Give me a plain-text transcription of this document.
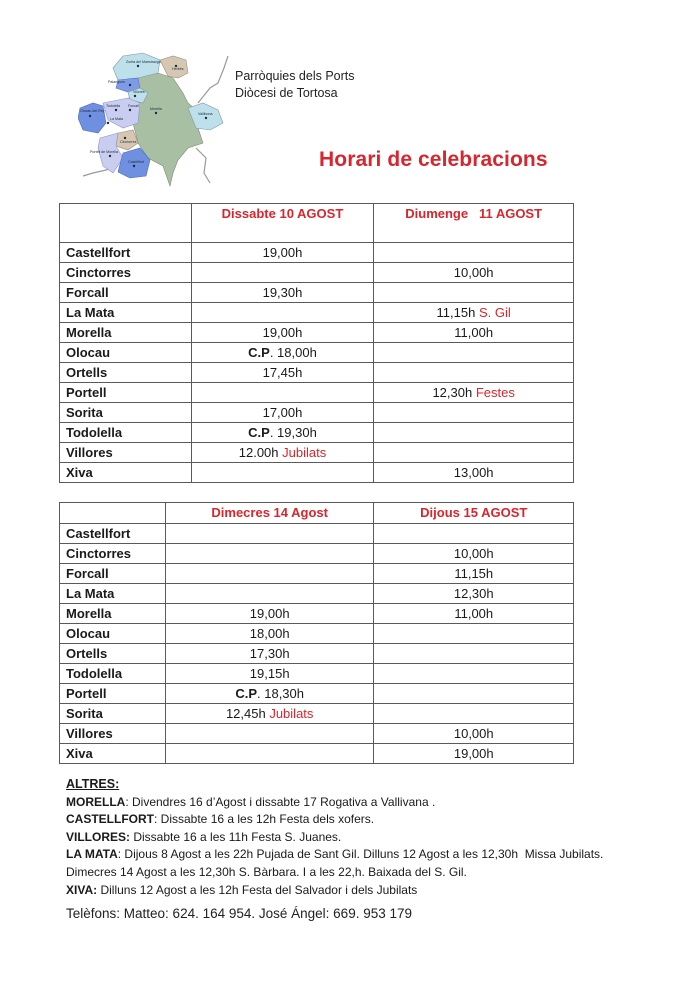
Zorita del Maestrazgo
Palanques
Villores
Olocau del Rey
Todolella Forcall
La Mata
Morella
Vallibona
Herbés
Cinctorres
Portell de Morella
Castellfort
Parròquies dels Ports
Diòcesi de Tortosa
Horari de celebracions
	Dissabte 10 AGOST	Diumenge   11 AGOST
Castellfort	19,00h	
Cinctorres		10,00h
Forcall	19,30h	
La Mata		11,15h S. Gil
Morella	19,00h	11,00h
Olocau	C.P. 18,00h	
Ortells	17,45h	
Portell		12,30h Festes
Sorita	17,00h	
Todolella	C.P. 19,30h	
Villores	12.00h Jubilats	
Xiva		13,00h
	Dimecres 14 Agost	Dijous 15 AGOST
Castellfort		
Cinctorres		10,00h
Forcall		11,15h
La Mata		12,30h
Morella	19,00h	11,00h
Olocau	18,00h	
Ortells	17,30h	
Todolella	19,15h	
Portell	C.P. 18,30h	
Sorita	12,45h Jubilats	
Villores		10,00h
Xiva		19,00h
ALTRES:
MORELLA: Divendres 16 d’Agost i dissabte 17 Rogativa a Vallivana .
CASTELLFORT: Dissabte 16 a les 12h Festa dels xofers.
VILLORES: Dissabte 16 a les 11h Festa S. Juanes.
LA MATA: Dijous 8 Agost a les 22h Pujada de Sant Gil. Dilluns 12 Agost a les 12,30h  Missa Jubilats.
Dimecres 14 Agost a les 12,30h S. Bàrbara. I a les 22,h. Baixada del S. Gil.
XIVA: Dilluns 12 Agost a les 12h Festa del Salvador i dels Jubilats
Telèfons: Matteo: 624. 164 954. José Ángel: 669. 953 179
